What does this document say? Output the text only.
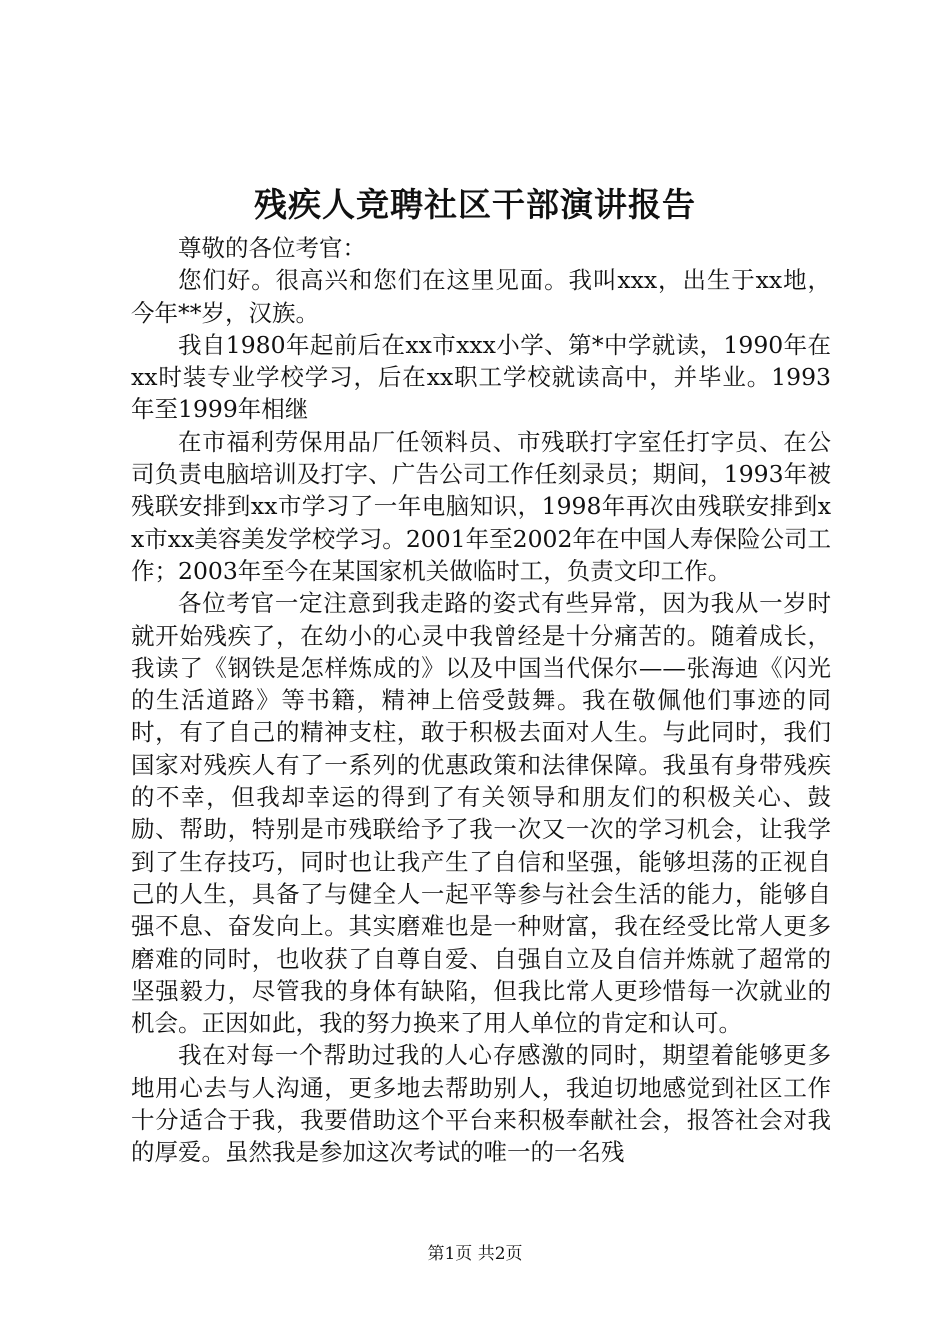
残疾人竞聘社区干部演讲报告

尊敬的各位考官：

您们好。很高兴和您们在这里见面。我叫xxx，出生于xx地，今年**岁，汉族。

我自1980年起前后在xx市xxx小学、第*中学就读，1990年在xx时装专业学校学习，后在xx职工学校就读高中，并毕业。1993年至1999年相继

在市福利劳保用品厂任领料员、市残联打字室任打字员、在公司负责电脑培训及打字、广告公司工作任刻录员；期间，1993年被残联安排到xx市学习了一年电脑知识，1998年再次由残联安排到xx市xx美容美发学校学习。2001年至2002年在中国人寿保险公司工作；2003年至今在某国家机关做临时工，负责文印工作。

各位考官一定注意到我走路的姿式有些异常，因为我从一岁时就开始残疾了，在幼小的心灵中我曾经是十分痛苦的。随着成长，我读了《钢铁是怎样炼成的》以及中国当代保尔——张海迪《闪光的生活道路》等书籍，精神上倍受鼓舞。我在敬佩他们事迹的同时，有了自己的精神支柱，敢于积极去面对人生。与此同时，我们国家对残疾人有了一系列的优惠政策和法律保障。我虽有身带残疾的不幸，但我却幸运的得到了有关领导和朋友们的积极关心、鼓励、帮助，特别是市残联给予了我一次又一次的学习机会，让我学到了生存技巧，同时也让我产生了自信和坚强，能够坦荡的正视自己的人生，具备了与健全人一起平等参与社会生活的能力，能够自强不息、奋发向上。其实磨难也是一种财富，我在经受比常人更多磨难的同时，也收获了自尊自爱、自强自立及自信并炼就了超常的坚强毅力，尽管我的身体有缺陷，但我比常人更珍惜每一次就业的机会。正因如此，我的努力换来了用人单位的肯定和认可。

我在对每一个帮助过我的人心存感激的同时，期望着能够更多地用心去与人沟通，更多地去帮助别人，我迫切地感觉到社区工作十分适合于我，我要借助这个平台来积极奉献社会，报答社会对我的厚爱。虽然我是参加这次考试的唯一的一名残

第1页 共2页
